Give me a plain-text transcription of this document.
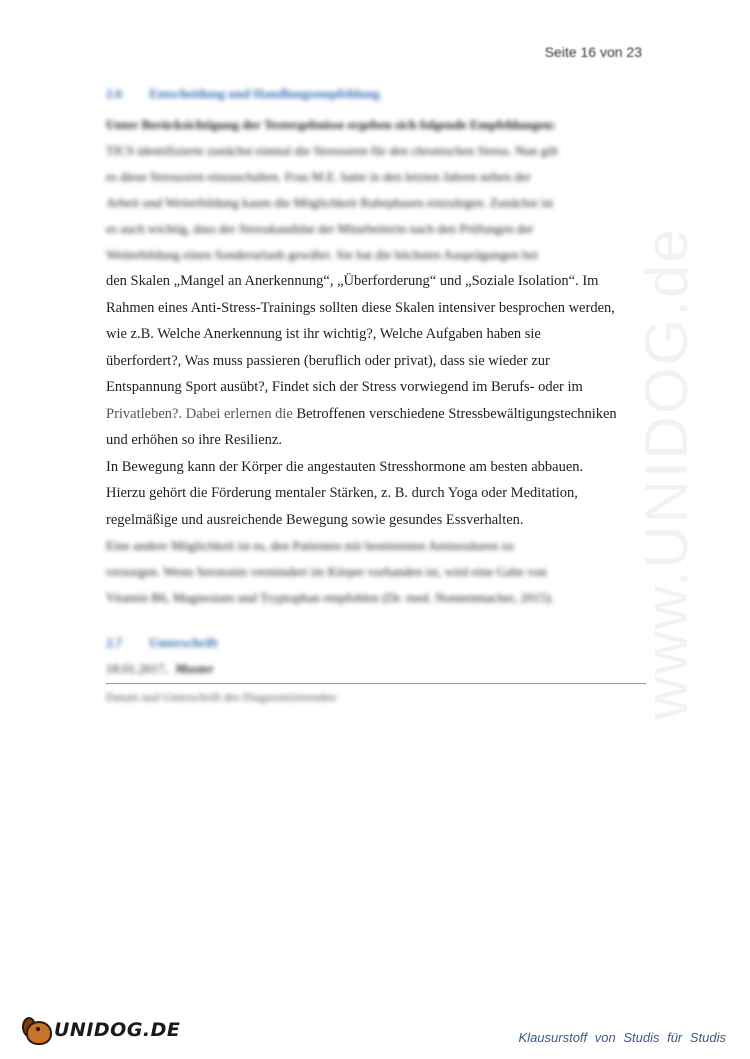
Seite 16 von 23
www.UNIDOG.de
2.6 Entscheidung und Handlungsempfehlung

Unter Berücksichtigung der Testergebnisse ergeben sich folgende Empfehlungen:

TICS identifizierte zunächst einmal die Stressoren für den chronischen Stress. Nun gilt

es diese Stressoren einzuschalten. Frau M.E. hatte in den letzten Jahren neben der

Arbeit und Weiterbildung kaum die Möglichkeit Ruhephasen einzulegen. Zunächst ist

es auch wichtig, dass der Stresskandidat der Mitarbeiterin nach den Prüfungen der

Weiterbildung einen Sonderurlaub gewährt. Sie hat die höchsten Ausprägungen bei

den Skalen „Mangel an Anerkennung“, „Überforderung“ und „Soziale Isolation“. Im

Rahmen eines Anti-Stress-Trainings sollten diese Skalen intensiver besprochen werden,

wie z.B. Welche Anerkennung ist ihr wichtig?, Welche Aufgaben haben sie

überfordert?, Was muss passieren (beruflich oder privat), dass sie wieder zur

Entspannung Sport ausübt?, Findet sich der Stress vorwiegend im Berufs- oder im

Privatleben?. Dabei erlernen die Betroffenen verschiedene Stressbewältigungstechniken

und erhöhen so ihre Resilienz.

In Bewegung kann der Körper die angestauten Stresshormone am besten abbauen.

Hierzu gehört die Förderung mentaler Stärken, z. B. durch Yoga oder Meditation,

regelmäßige und ausreichende Bewegung sowie gesundes Essverhalten.

Eine andere Möglichkeit ist es, den Patienten mit bestimmten Aminosäuren zu

versorgen. Wenn Serotonin vermindert im Körper vorhanden ist, wird eine Gabe von

Vitamin B6, Magnesium und Tryptophan empfohlen (Dr. med. Nonnenmacher, 2015).

2.7 Unterschrift
18.01.2017, Muster
Datum und Unterschrift des Diagnostizierenden
UNIDOG.DE	Klausurstoff von Studis für Studis
